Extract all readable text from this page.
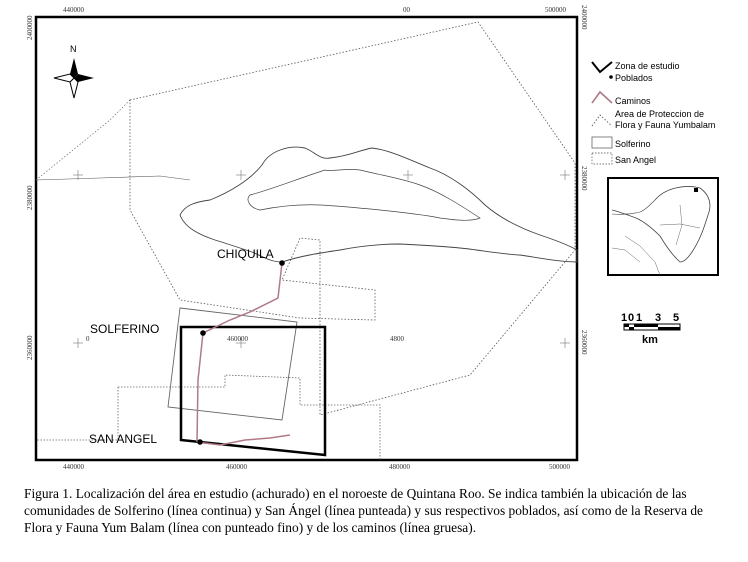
CHIQUILA
SOLFERINO
SAN ANGEL
440000	00	500000
440000	460000	480000	500000
460000	4800
0
2400000
2380000
2360000
2400000
2380000
2360000
N
Zona de estudio
Poblados
Caminos
Area de Proteccion de
Flora y Fauna Yumbalam
Solferino
San Angel
1 0 1 3 5
km

Figura 1. Localización del área en estudio (achurado) en el noroeste de Quintana Roo. Se indica también la ubicación de las comunidades de Solferino (línea continua) y San Ángel (línea punteada) y sus respectivos poblados, así como de la Reserva de Flora y Fauna Yum Balam (línea con punteado fino) y de los caminos (línea gruesa).
